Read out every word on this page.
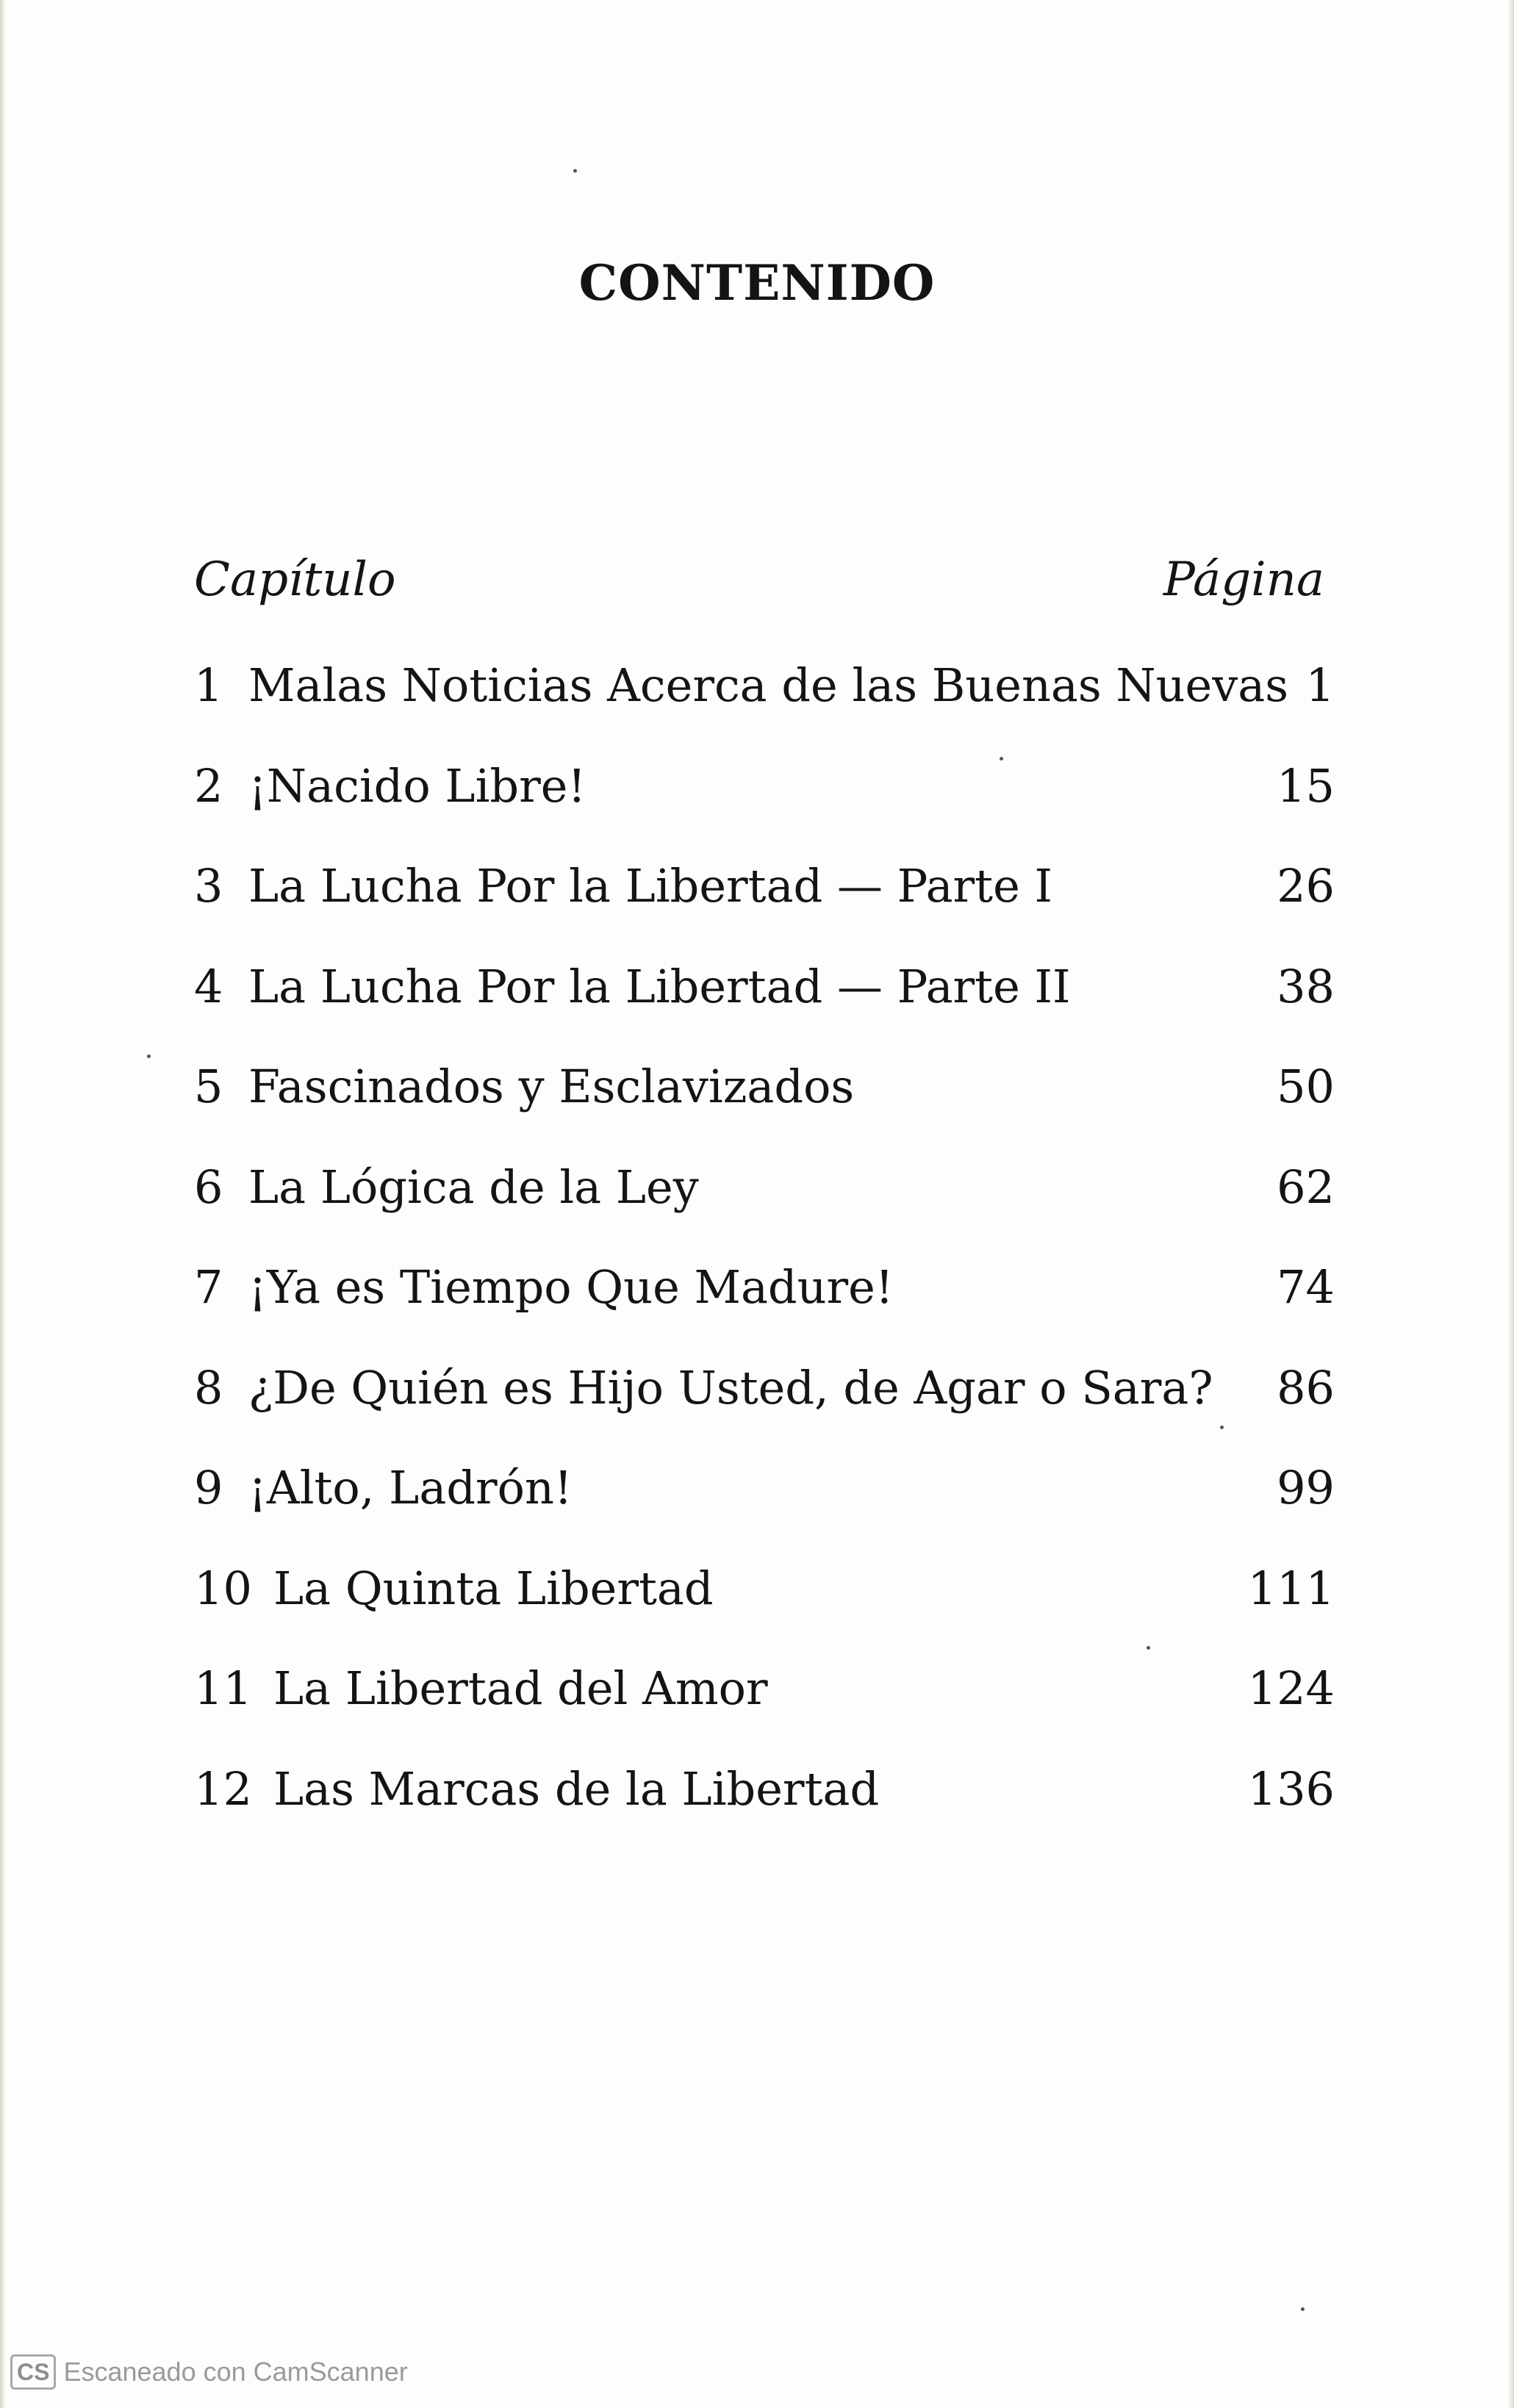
CONTENIDO
Capítulo	Página
1 Malas Noticias Acerca de las Buenas Nuevas 1
2 ¡Nacido Libre!	15
3 La Lucha Por la Libertad — Parte I	26
4 La Lucha Por la Libertad — Parte II	38
5 Fascinados y Esclavizados	50
6 La Lógica de la Ley	62
7 ¡Ya es Tiempo Que Madure!	74
8 ¿De Quién es Hijo Usted, de Agar o Sara?	86
9 ¡Alto, Ladrón!	99
10 La Quinta Libertad	111
11 La Libertad del Amor	124
12 Las Marcas de la Libertad	136
CS Escaneado con CamScanner
